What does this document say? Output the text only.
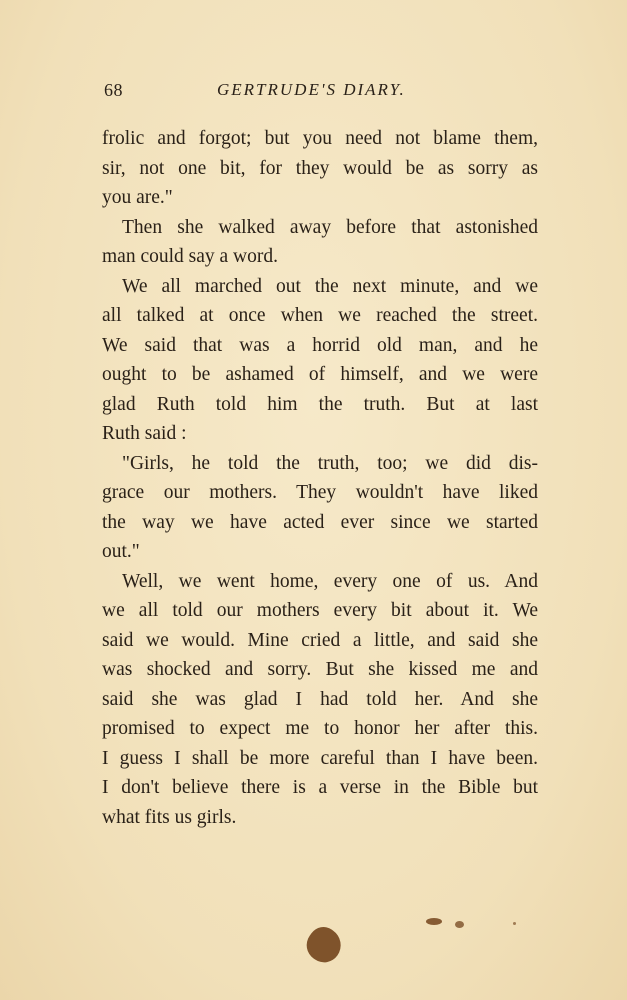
68	GERTRUDE'S DIARY.
frolic and forgot; but you need not blame them,
sir, not one bit, for they would be as sorry as
you are."
Then she walked away before that astonished
man could say a word.
We all marched out the next minute, and we
all talked at once when we reached the street.
We said that was a horrid old man, and he
ought to be ashamed of himself, and we were
glad Ruth told him the truth. But at last
Ruth said :
"Girls, he told the truth, too; we did dis-
grace our mothers. They wouldn't have liked
the way we have acted ever since we started
out."
Well, we went home, every one of us. And
we all told our mothers every bit about it. We
said we would. Mine cried a little, and said she
was shocked and sorry. But she kissed me and
said she was glad I had told her. And she
promised to expect me to honor her after this.
I guess I shall be more careful than I have been.
I don't believe there is a verse in the Bible but
what fits us girls.
